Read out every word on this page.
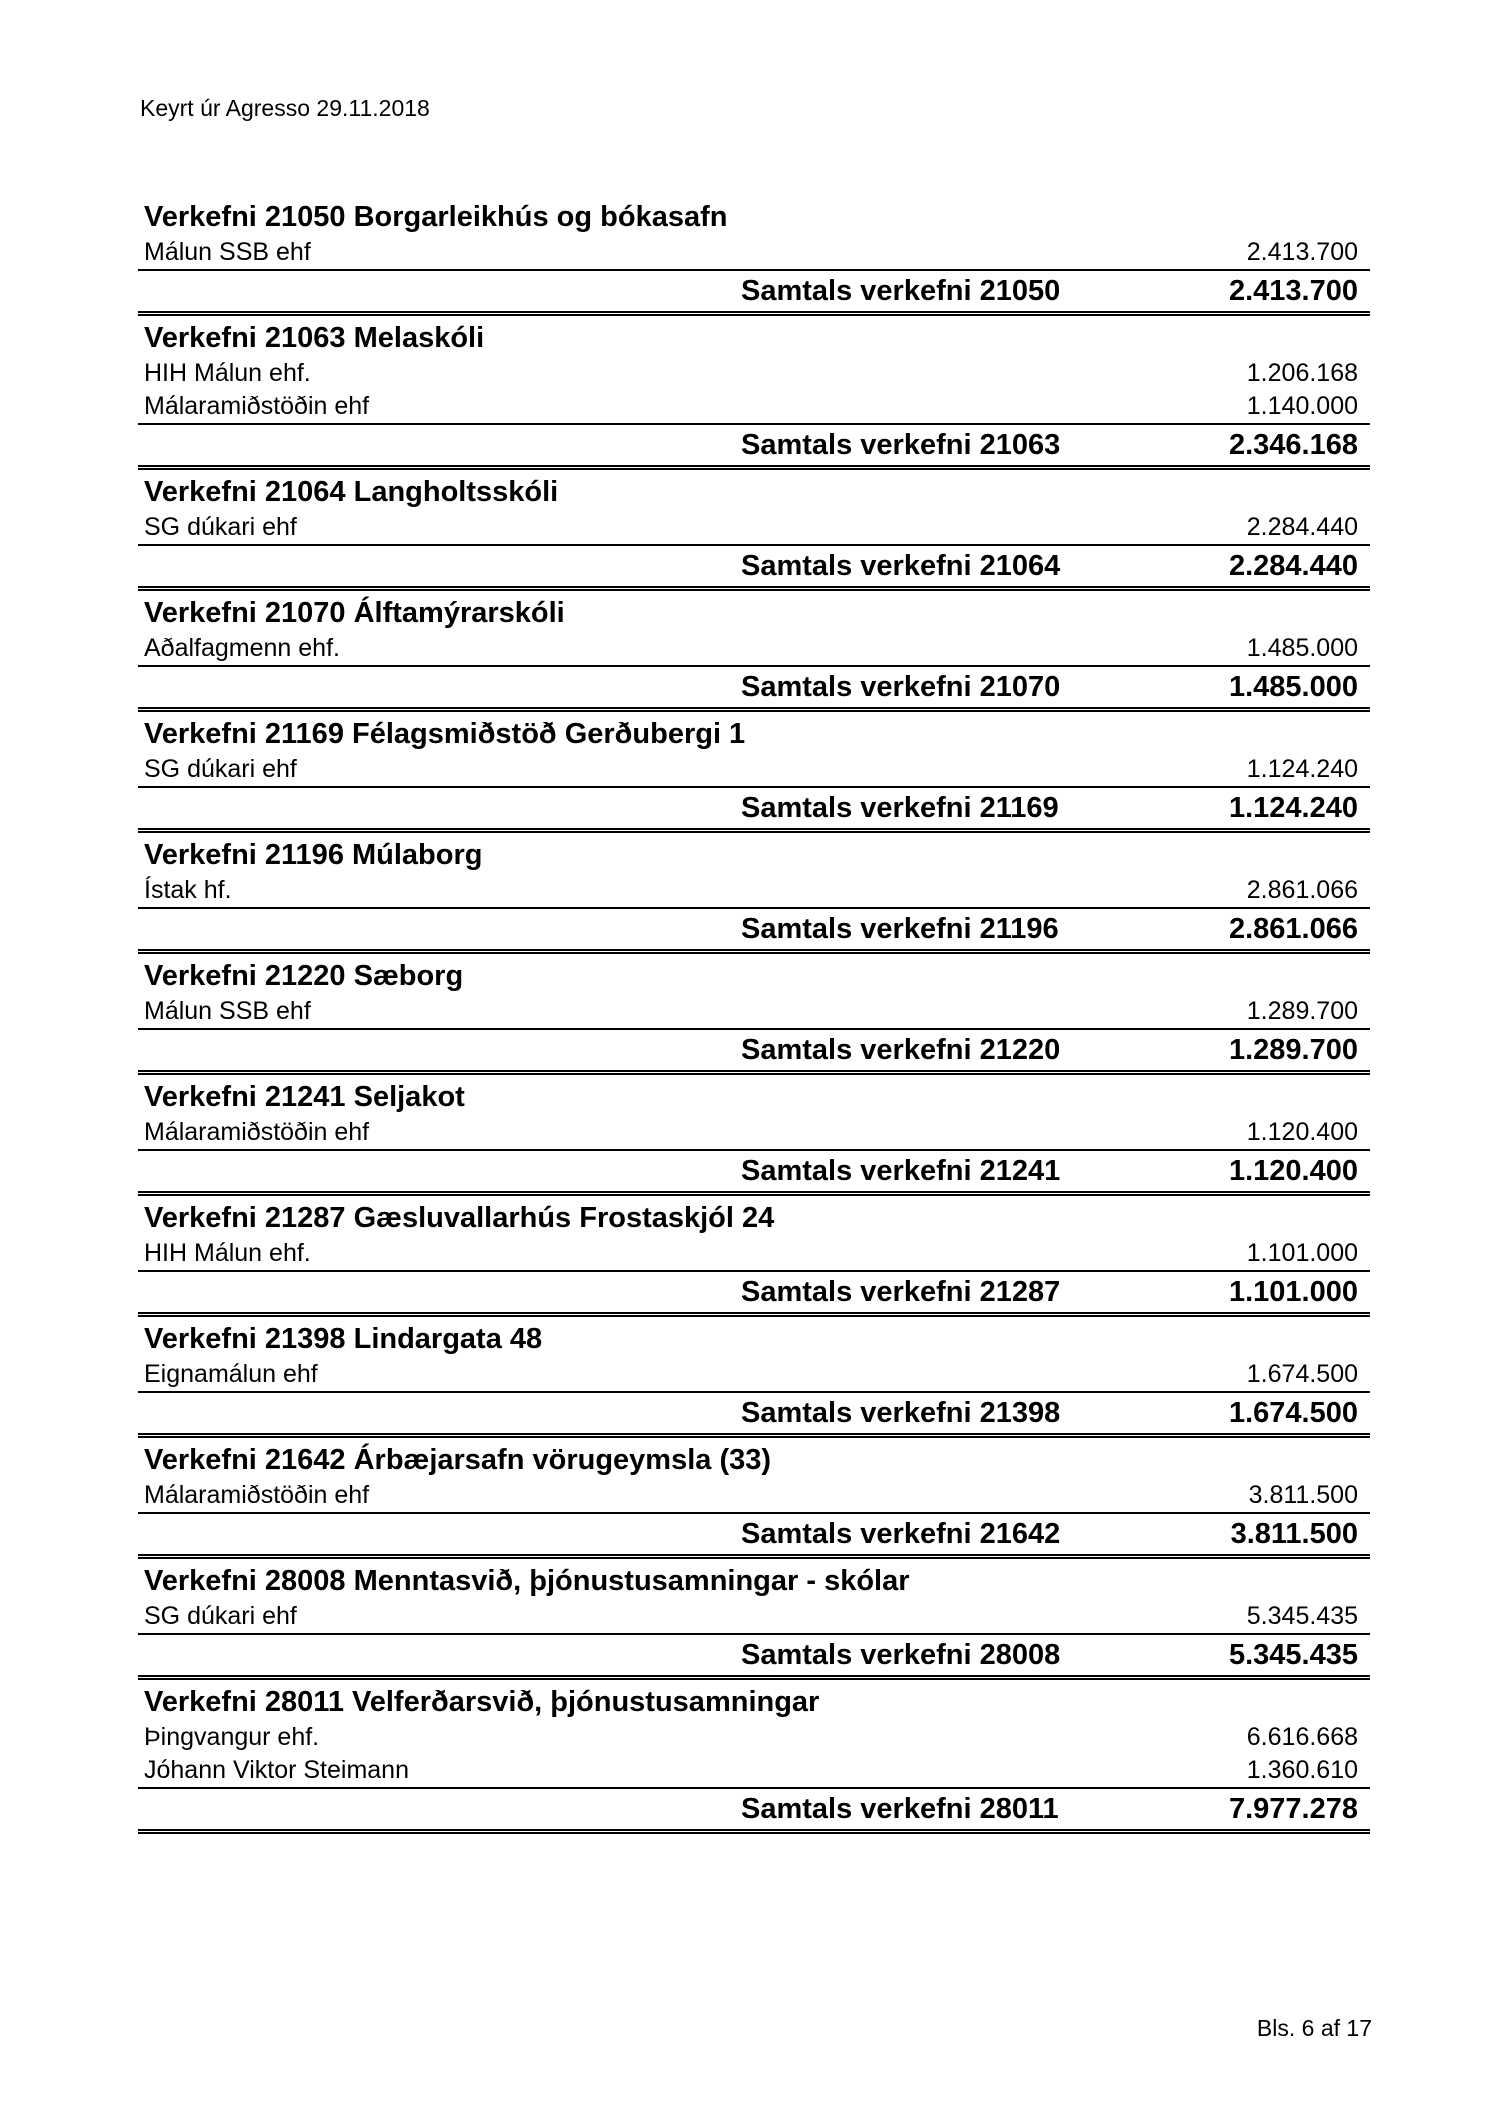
Keyrt úr Agresso 29.11.2018
Verkefni 21050 Borgarleikhús og bókasafn
Málun SSB ehf	2.413.700
Samtals verkefni 21050	2.413.700
Verkefni 21063 Melaskóli
HIH Málun ehf.	1.206.168
Málaramiðstöðin ehf	1.140.000
Samtals verkefni 21063	2.346.168
Verkefni 21064 Langholtsskóli
SG dúkari ehf	2.284.440
Samtals verkefni 21064	2.284.440
Verkefni 21070 Álftamýrarskóli
Aðalfagmenn ehf.	1.485.000
Samtals verkefni 21070	1.485.000
Verkefni 21169 Félagsmiðstöð Gerðubergi 1
SG dúkari ehf	1.124.240
Samtals verkefni 21169	1.124.240
Verkefni 21196 Múlaborg
Ístak hf.	2.861.066
Samtals verkefni 21196	2.861.066
Verkefni 21220 Sæborg
Málun SSB ehf	1.289.700
Samtals verkefni 21220	1.289.700
Verkefni 21241 Seljakot
Málaramiðstöðin ehf	1.120.400
Samtals verkefni 21241	1.120.400
Verkefni 21287 Gæsluvallarhús Frostaskjól 24
HIH Málun ehf.	1.101.000
Samtals verkefni 21287	1.101.000
Verkefni 21398 Lindargata 48
Eignamálun ehf	1.674.500
Samtals verkefni 21398	1.674.500
Verkefni 21642 Árbæjarsafn vörugeymsla (33)
Málaramiðstöðin ehf	3.811.500
Samtals verkefni 21642	3.811.500
Verkefni 28008 Menntasvið, þjónustusamningar - skólar
SG dúkari ehf	5.345.435
Samtals verkefni 28008	5.345.435
Verkefni 28011 Velferðarsvið, þjónustusamningar
Þingvangur ehf.	6.616.668
Jóhann Viktor Steimann	1.360.610
Samtals verkefni 28011	7.977.278
Bls. 6 af 17
